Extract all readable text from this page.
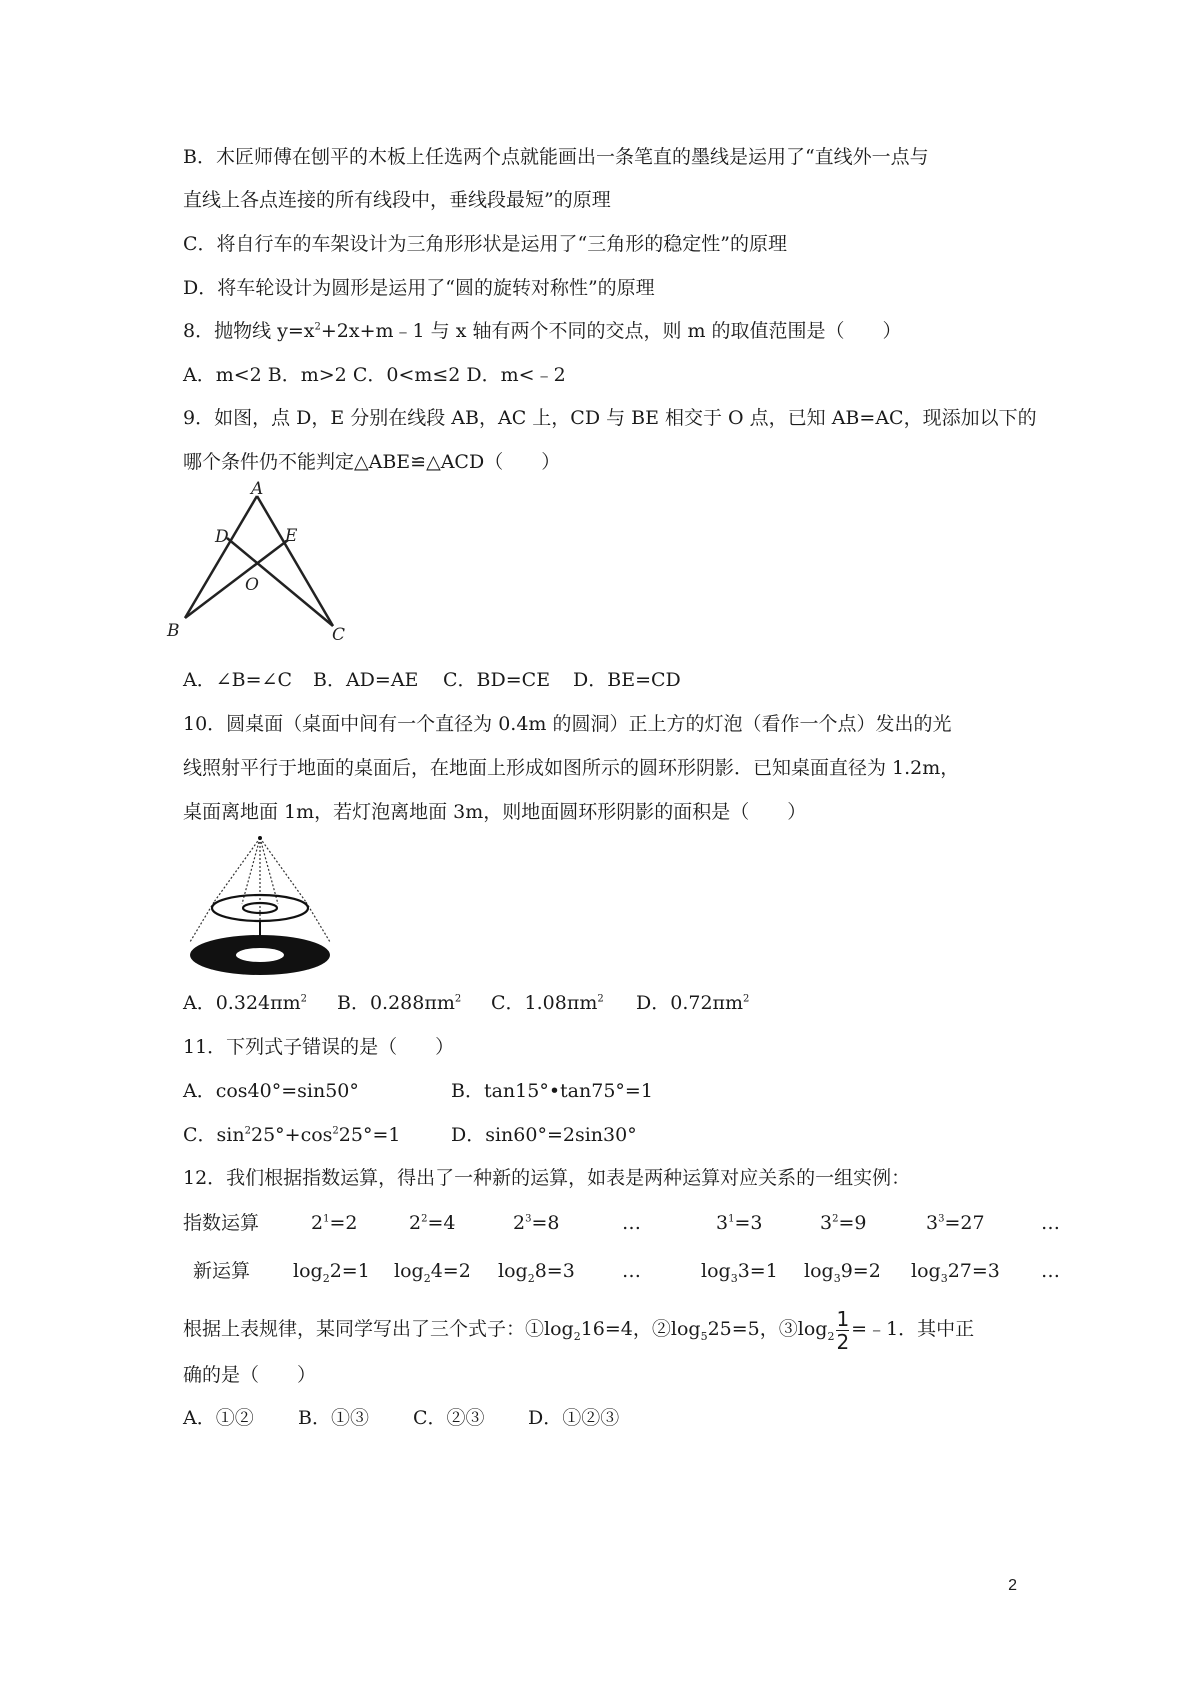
B．木匠师傅在刨平的木板上任选两个点就能画出一条笔直的墨线是运用了“直线外一点与
直线上各点连接的所有线段中，垂线段最短”的原理
C．将自行车的车架设计为三角形形状是运用了“三角形的稳定性”的原理
D．将车轮设计为圆形是运用了“圆的旋转对称性”的原理
8．抛物线 $y=x^2+2x+m﹣1$ 与 x 轴有两个不同的交点，则 m 的取值范围是（　　）
A．m<2 B．m>2 C．0<m≤2 D．m<﹣2
9．如图，点 D，E 分别在线段 AB，AC 上，CD 与 BE 相交于 O 点，已知 AB=AC，现添加以下的
哪个条件仍不能判定△ABE≌△ACD（　　）
A
D	E
O
B	C
A．∠B=∠C B．AD=AE C．BD=CE D．BE=CD
10．圆桌面（桌面中间有一个直径为 0.4m 的圆洞）正上方的灯泡（看作一个点）发出的光
线照射平行于地面的桌面后，在地面上形成如图所示的圆环形阴影．已知桌面直径为 1.2m，
桌面离地面 1m，若灯泡离地面 3m，则地面圆环形阴影的面积是（　　）
A．$0.324\pi m^2$ B．$0.288\pi m^2$ C．$1.08\pi m^2$ D．$0.72\pi m^2$
11．下列式子错误的是（　　）
A．cos40°=sin50°	B．tan15°•tan75°=1
C．$\sin^225^\circ+\cos^225^\circ=1$	D．sin60°=2sin30°
12．我们根据指数运算，得出了一种新的运算，如表是两种运算对应关系的一组实例：
指数运算	$2^1=2$	$2^2=4$	$2^3=8$	…	$3^1=3$	$3^2=9$	$3^3=27$	…
新运算 $\log_22=1$ $\log_24=2$ $\log_28=3$ …	$\log_33=1$ $\log_39=2$ $\log_327=3$ …
根据上表规律，某同学写出了三个式子：$①\log_216=4$，$②\log_525=5$，$③\log_2 \frac{1}{2}$ =﹣1．其中正
确的是（　　）
A．①② B．①③ C．②③ D．①②③
2
